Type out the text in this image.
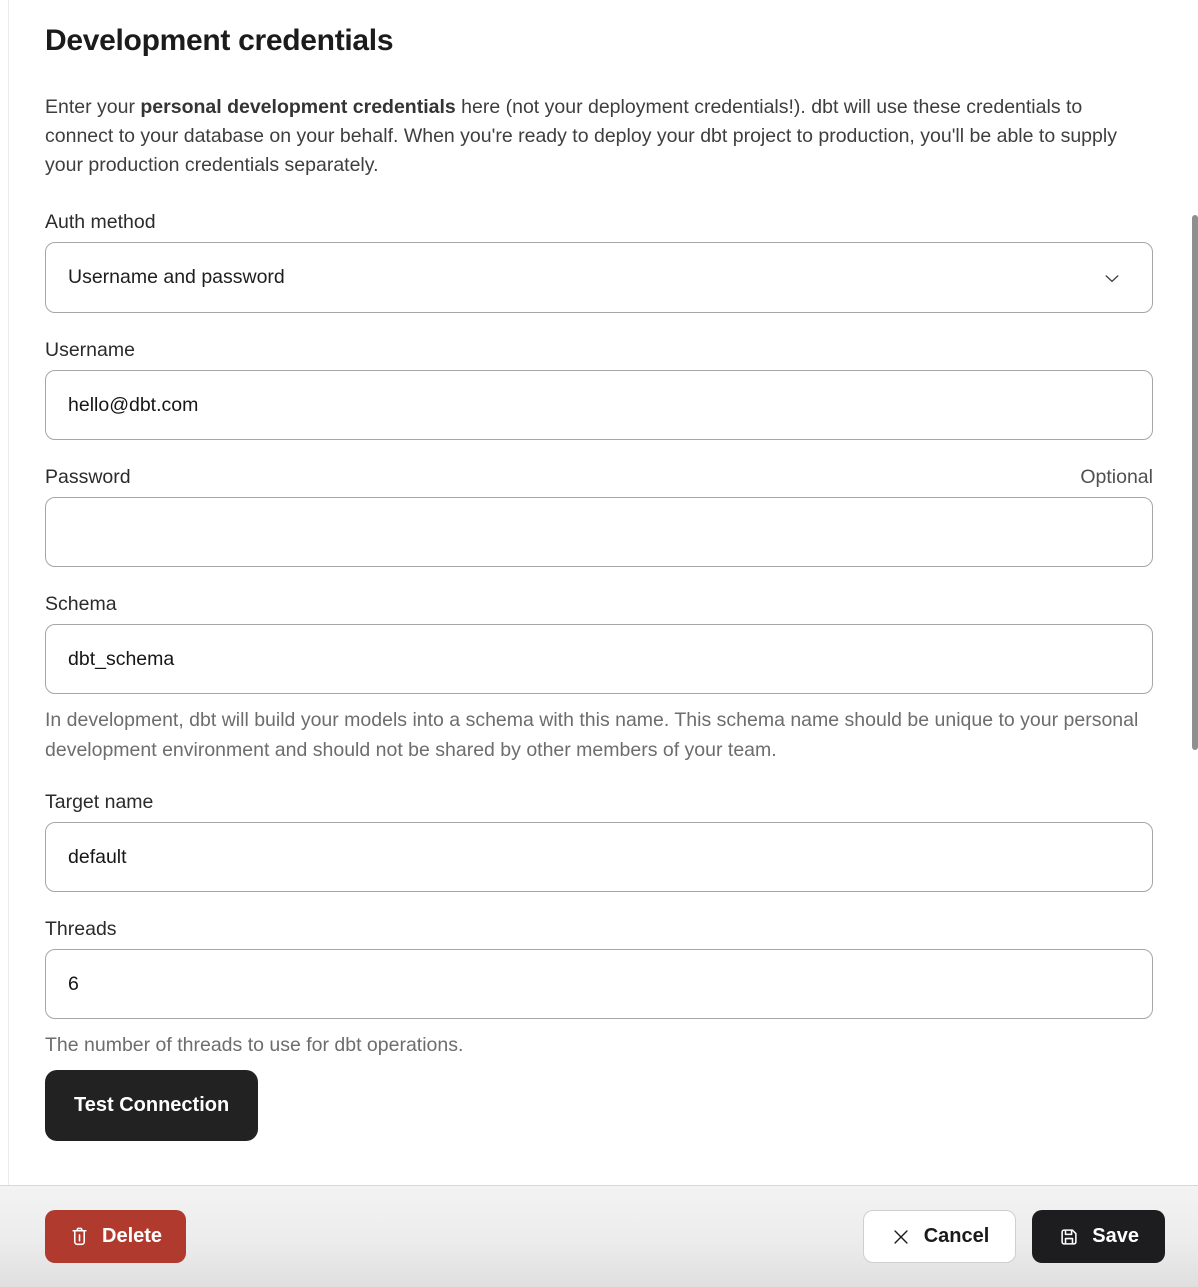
Development credentials

Enter your personal development credentials here (not your deployment credentials!). dbt will use these credentials to connect to your database on your behalf. When you're ready to deploy your dbt project to production, you'll be able to supply your production credentials separately.

Auth method
Username and password
Username
hello@dbt.com
Password	Optional
Schema
dbt_schema

In development, dbt will build your models into a schema with this name. This schema name should be unique to your personal development environment and should not be shared by other members of your team.

Target name
default
Threads
6

The number of threads to use for dbt operations.

Test Connection
Delete	Cancel	Save
